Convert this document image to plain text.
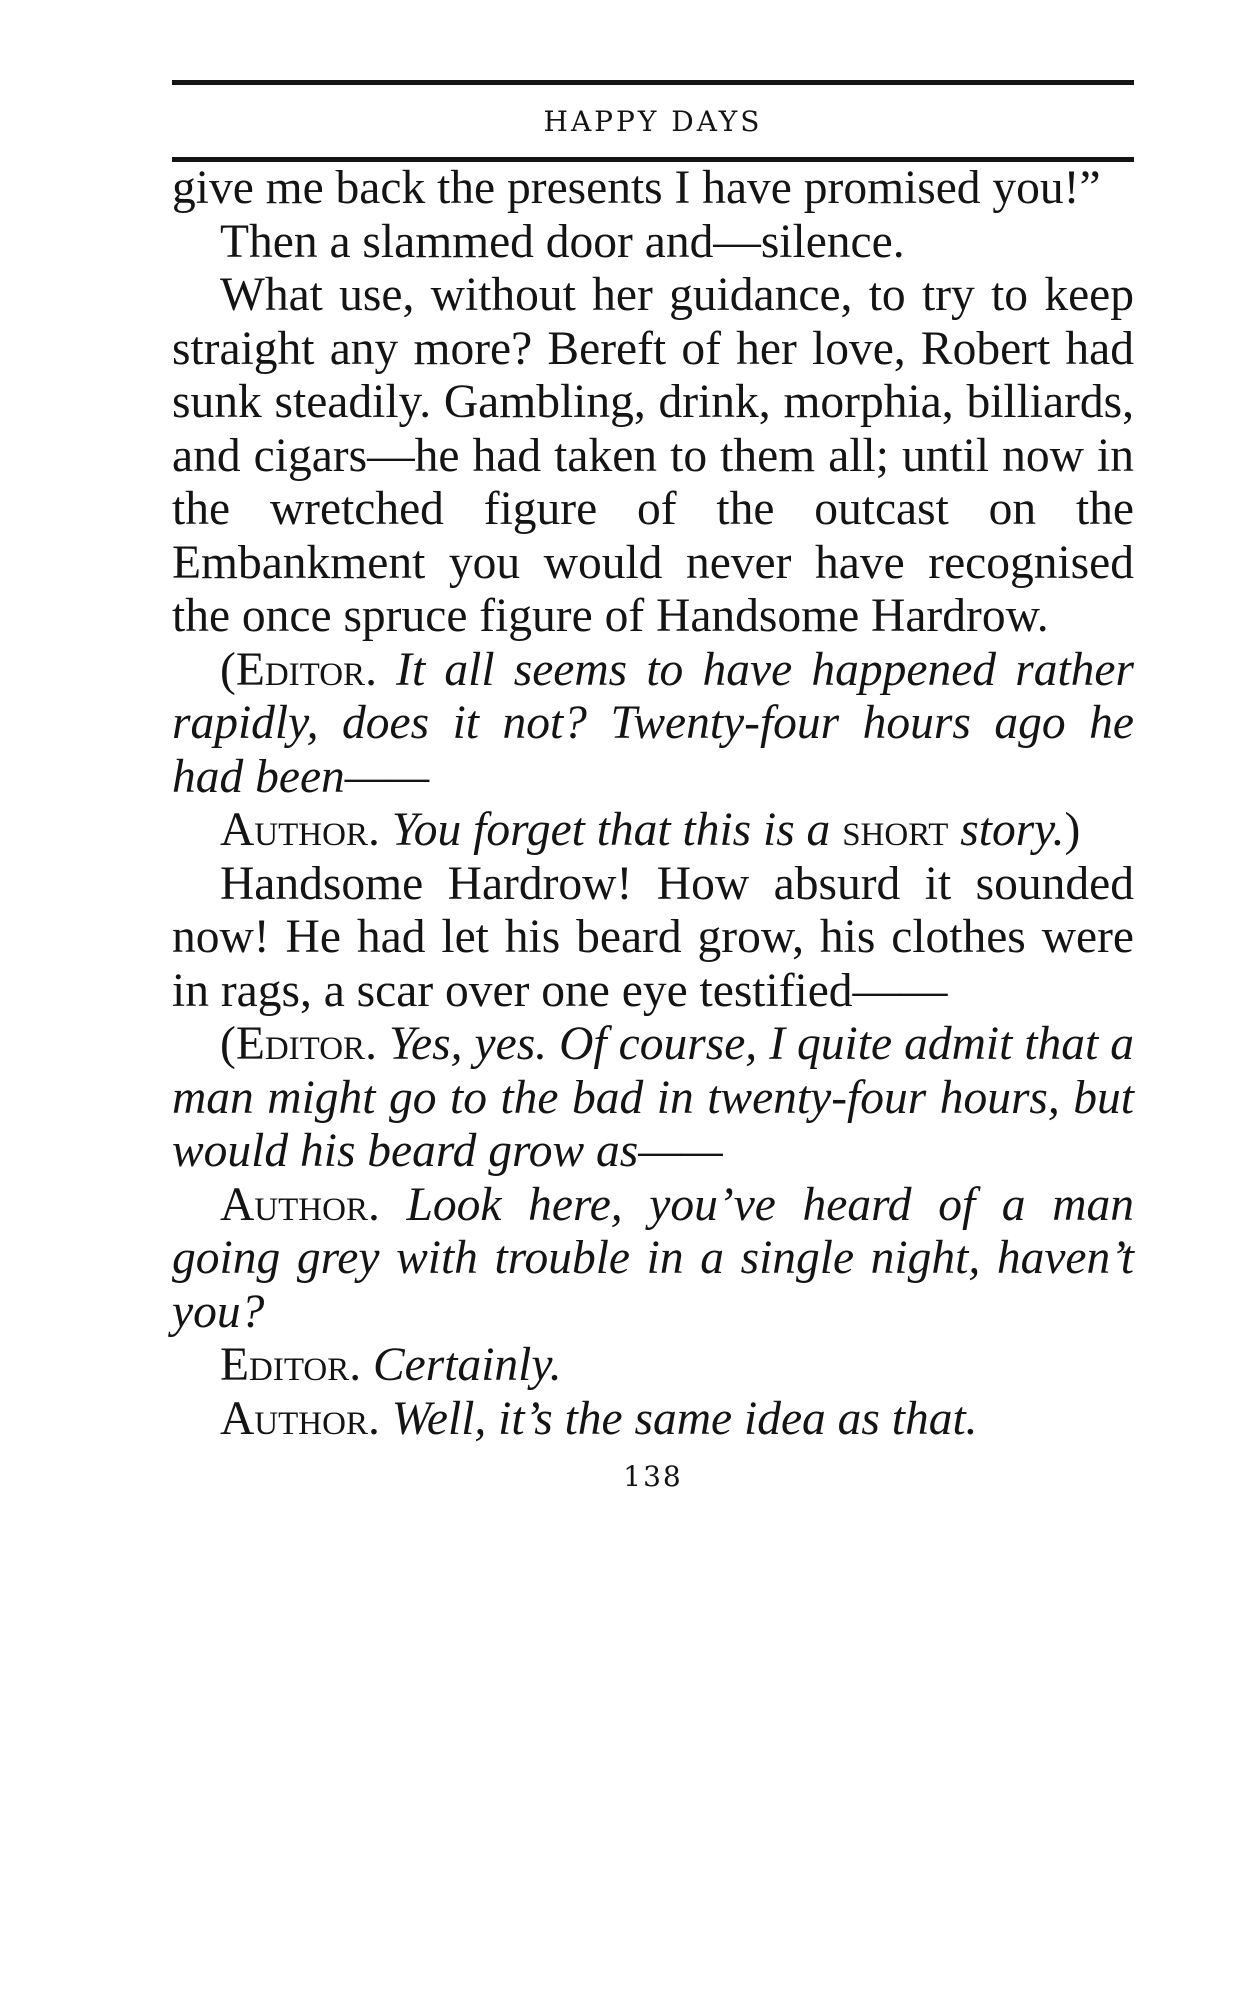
HAPPY DAYS

give me back the presents I have promised you!”

Then a slammed door and—silence.

What use, without her guidance, to try to keep straight any more? Bereft of her love, Robert had sunk steadily. Gambling, drink, morphia, billiards, and cigars—he had taken to them all; until now in the wretched figure of the outcast on the Embankment you would never have recognised the once spruce figure of Handsome Hardrow.

(Editor. It all seems to have happened rather rapidly, does it not? Twenty-four hours ago he had been——

Author. You forget that this is a short story.)

Handsome Hardrow! How absurd it sounded now! He had let his beard grow, his clothes were in rags, a scar over one eye testified——

(Editor. Yes, yes. Of course, I quite admit that a man might go to the bad in twenty-four hours, but would his beard grow as——

Author. Look here, you’ve heard of a man going grey with trouble in a single night, haven’t you?

Editor. Certainly.

Author. Well, it’s the same idea as that.

138
